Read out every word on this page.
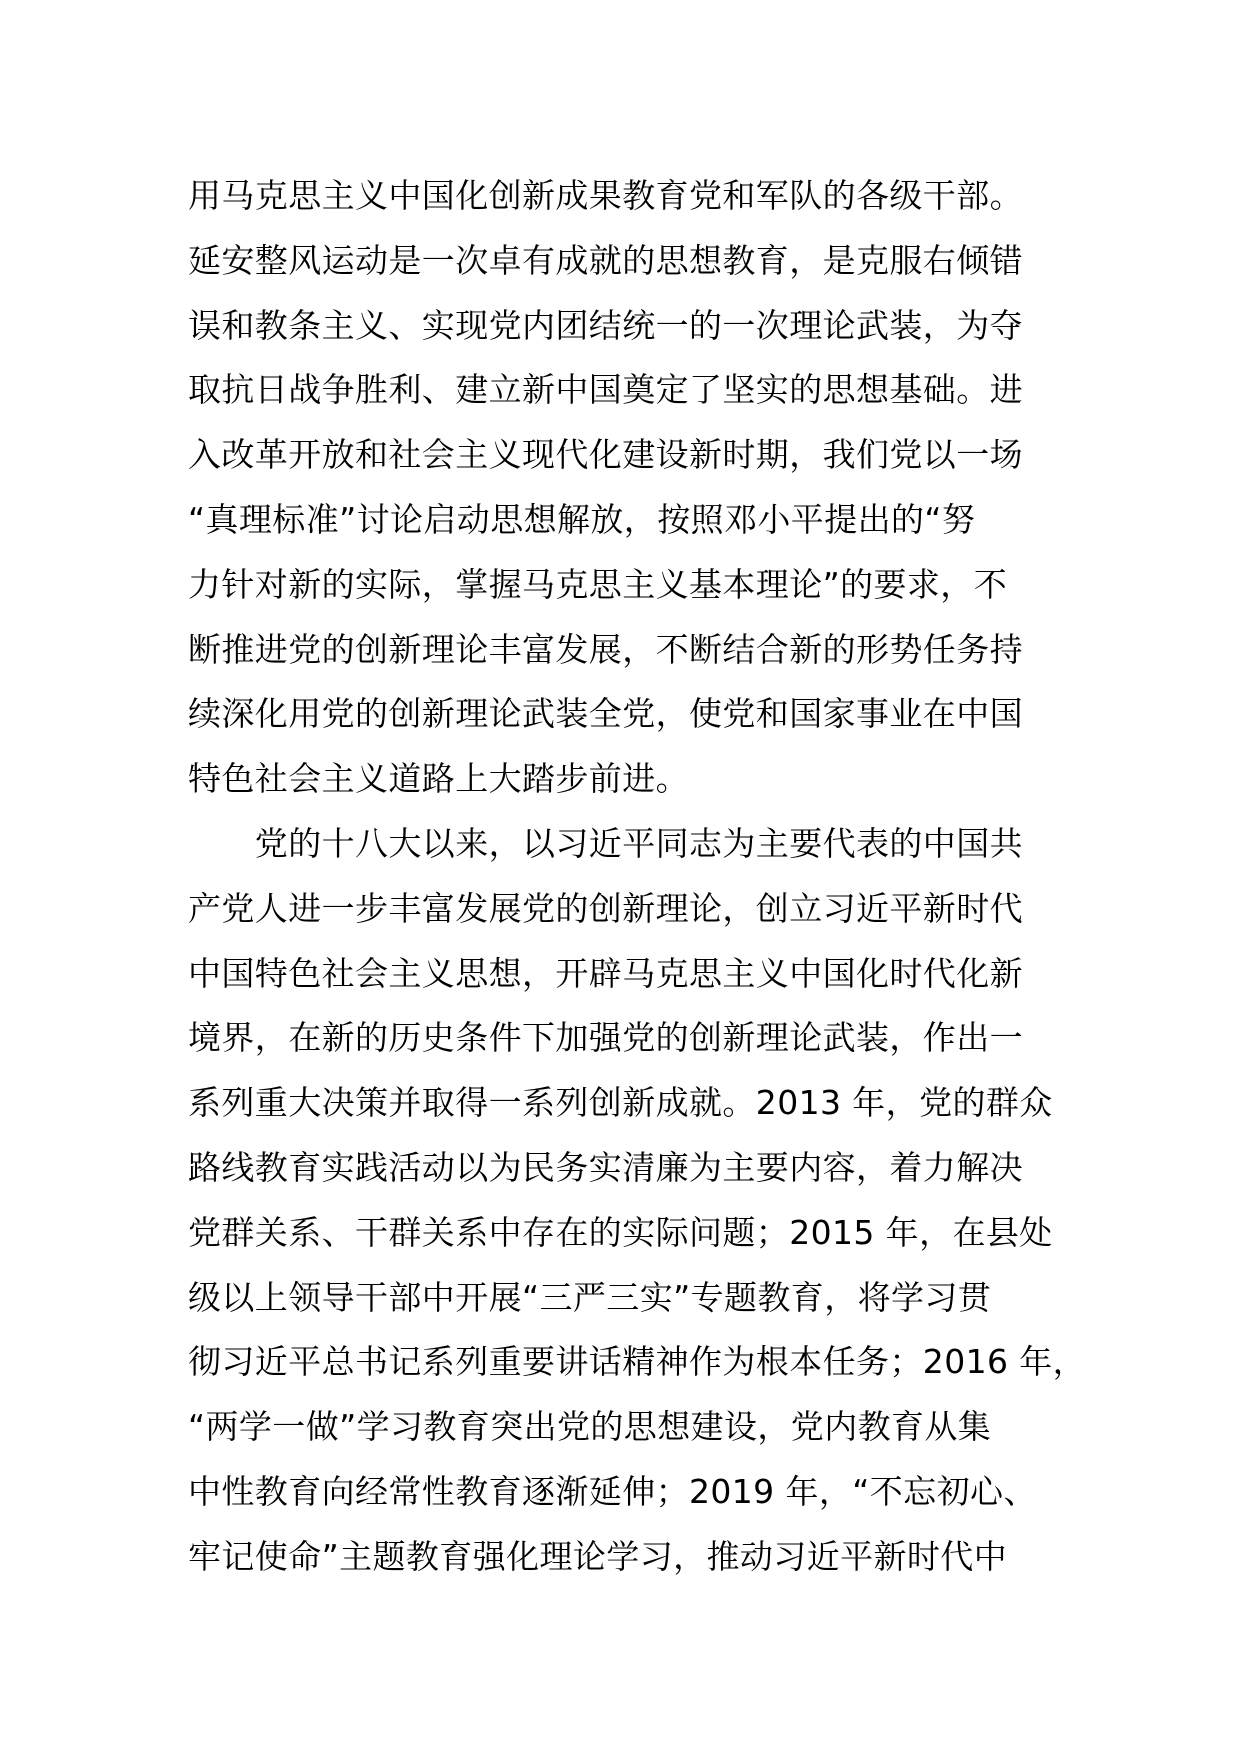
用马克思主义中国化创新成果教育党和军队的各级干部。
延安整风运动是一次卓有成就的思想教育，是克服右倾错
误和教条主义、实现党内团结统一的一次理论武装，为夺
取抗日战争胜利、建立新中国奠定了坚实的思想基础。进
入改革开放和社会主义现代化建设新时期，我们党以一场
“真理标准”讨论启动思想解放，按照邓小平提出的“努
力针对新的实际，掌握马克思主义基本理论”的要求，不
断推进党的创新理论丰富发展，不断结合新的形势任务持
续深化用党的创新理论武装全党，使党和国家事业在中国
特色社会主义道路上大踏步前进。
　　党的十八大以来，以习近平同志为主要代表的中国共
产党人进一步丰富发展党的创新理论，创立习近平新时代
中国特色社会主义思想，开辟马克思主义中国化时代化新
境界，在新的历史条件下加强党的创新理论武装，作出一
系列重大决策并取得一系列创新成就。2013 年，党的群众
路线教育实践活动以为民务实清廉为主要内容，着力解决
党群关系、干群关系中存在的实际问题；2015 年，在县处
级以上领导干部中开展“三严三实”专题教育，将学习贯
彻习近平总书记系列重要讲话精神作为根本任务；2016 年，
“两学一做”学习教育突出党的思想建设，党内教育从集
中性教育向经常性教育逐渐延伸；2019 年，“不忘初心、
牢记使命”主题教育强化理论学习，推动习近平新时代中
